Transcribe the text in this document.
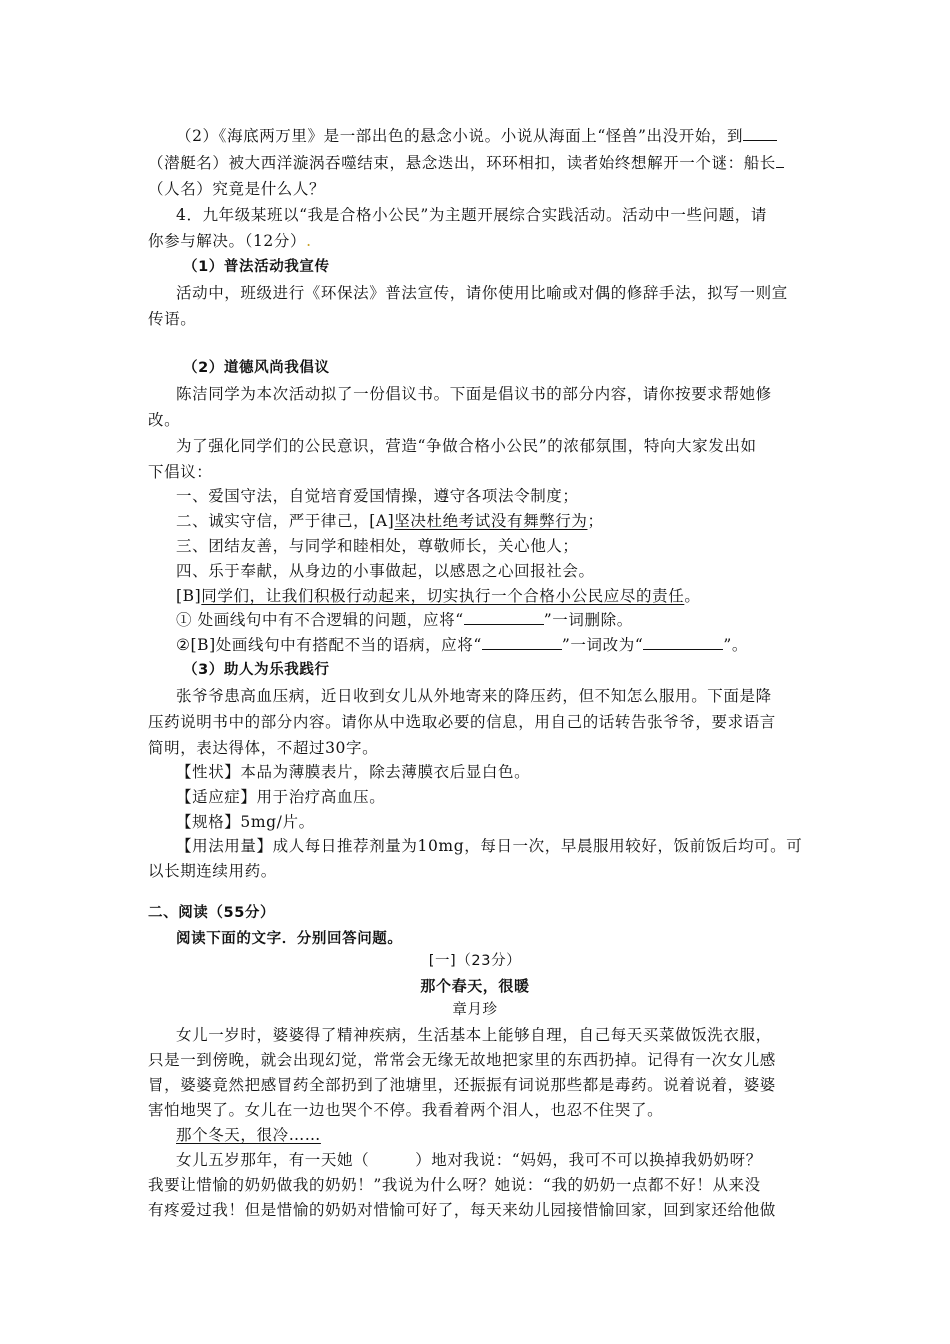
（2）《海底两万里》是一部出色的悬念小说。小说从海面上“怪兽”出没开始，到
（潜艇名）被大西洋漩涡吞噬结束，悬念迭出，环环相扣，读者始终想解开一个谜：船长
（人名）究竟是什么人？
4．九年级某班以“我是合格小公民”为主题开展综合实践活动。活动中一些问题，请
你参与解决。（12分）.
（1）普法活动我宣传
活动中，班级进行《环保法》普法宣传，请你使用比喻或对偶的修辞手法，拟写一则宣
传语。
（2）道德风尚我倡议
陈洁同学为本次活动拟了一份倡议书。下面是倡议书的部分内容，请你按要求帮她修
改。
为了强化同学们的公民意识，营造“争做合格小公民”的浓郁氛围，特向大家发出如
下倡议：
一、爱国守法，自觉培育爱国情操，遵守各项法令制度；
二、诚实守信，严于律己，[A]坚决杜绝考试没有舞弊行为；
三、团结友善，与同学和睦相处，尊敬师长，关心他人；
四、乐于奉献，从身边的小事做起，以感恩之心回报社会。
[B]同学们，让我们积极行动起来，切实执行一个合格小公民应尽的责任。
① 处画线句中有不合逻辑的问题，应将“	”一词删除。
②[B]处画线句中有搭配不当的语病，应将“	”一词改为“	”。
（3）助人为乐我践行
张爷爷患高血压病，近日收到女儿从外地寄来的降压药，但不知怎么服用。下面是降
压药说明书中的部分内容。请你从中选取必要的信息，用自己的话转告张爷爷，要求语言
简明，表达得体，不超过30字。
【性状】本品为薄膜表片，除去薄膜衣后显白色。
【适应症】用于治疗高血压。
【规格】5mg/片。
【用法用量】成人每日推荐剂量为10mg，每日一次，早晨服用较好，饭前饭后均可。可
以长期连续用药。
二、阅读（55分）
阅读下面的文字．分别回答问题。
[一]（23分）
那个春天，很暖
章月珍
女儿一岁时，婆婆得了精神疾病，生活基本上能够自理，自己每天买菜做饭洗衣服，
只是一到傍晚，就会出现幻觉，常常会无缘无故地把家里的东西扔掉。记得有一次女儿感
冒，婆婆竟然把感冒药全部扔到了池塘里，还振振有词说那些都是毒药。说着说着，婆婆
害怕地哭了。女儿在一边也哭个不停。我看着两个泪人，也忍不住哭了。
那个冬天，很冷……
女儿五岁那年，有一天她（	）地对我说：“妈妈，我可不可以换掉我奶奶呀？
我要让惜愉的奶奶做我的奶奶！”我说为什么呀？她说：“我的奶奶一点都不好！从来没
有疼爱过我！但是惜愉的奶奶对惜愉可好了，每天来幼儿园接惜愉回家，回到家还给他做
